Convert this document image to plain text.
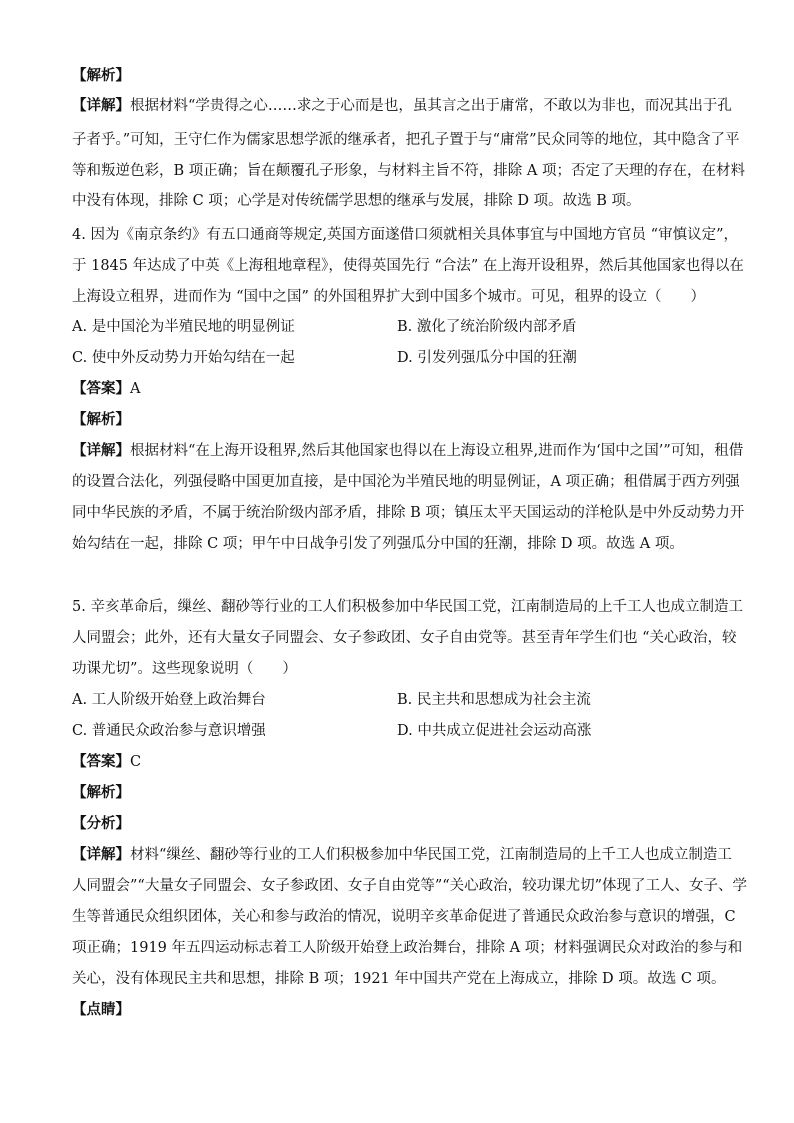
【解析】
【详解】根据材料“学贵得之心……求之于心而是也，虽其言之出于庸常，不敢以为非也，而况其出于孔
子者乎。”可知，王守仁作为儒家思想学派的继承者，把孔子置于与“庸常”民众同等的地位，其中隐含了平
等和叛逆色彩，B 项正确；旨在颠覆孔子形象，与材料主旨不符，排除 A 项；否定了天理的存在，在材料
中没有体现，排除 C 项；心学是对传统儒学思想的继承与发展，排除 D 项。故选 B 项。
4. 因为《南京条约》有五口通商等规定,英国方面遂借口须就相关具体事宜与中国地方官员 “审慎议定”，
于 1845 年达成了中英《上海租地章程》，使得英国先行 “合法” 在上海开设租界，然后其他国家也得以在
上海设立租界，进而作为 “国中之国” 的外国租界扩大到中国多个城市。可见，租界的设立（　　）
A. 是中国沦为半殖民地的明显例证	B. 激化了统治阶级内部矛盾
C. 使中外反动势力开始勾结在一起	D. 引发列强瓜分中国的狂潮
【答案】A
【解析】
【详解】根据材料“在上海开设租界,然后其他国家也得以在上海设立租界,进而作为‘国中之国’”可知，租借
的设置合法化，列强侵略中国更加直接，是中国沦为半殖民地的明显例证，A 项正确；租借属于西方列强
同中华民族的矛盾，不属于统治阶级内部矛盾，排除 B 项；镇压太平天国运动的洋枪队是中外反动势力开
始勾结在一起，排除 C 项；甲午中日战争引发了列强瓜分中国的狂潮，排除 D 项。故选 A 项。
5. 辛亥革命后，缫丝、翻砂等行业的工人们积极参加中华民国工党，江南制造局的上千工人也成立制造工
人同盟会；此外，还有大量女子同盟会、女子参政团、女子自由党等。甚至青年学生们也 “关心政治，较
功课尤切”。这些现象说明（　　）
A. 工人阶级开始登上政治舞台	B. 民主共和思想成为社会主流
C. 普通民众政治参与意识增强	D. 中共成立促进社会运动高涨
【答案】C
【解析】
【分析】
【详解】材料“缫丝、翻砂等行业的工人们积极参加中华民国工党，江南制造局的上千工人也成立制造工
人同盟会”“大量女子同盟会、女子参政团、女子自由党等”“关心政治，较功课尤切”体现了工人、女子、学
生等普通民众组织团体，关心和参与政治的情况，说明辛亥革命促进了普通民众政治参与意识的增强，C
项正确；1919 年五四运动标志着工人阶级开始登上政治舞台，排除 A 项；材料强调民众对政治的参与和
关心，没有体现民主共和思想，排除 B 项；1921 年中国共产党在上海成立，排除 D 项。故选 C 项。
【点睛】
